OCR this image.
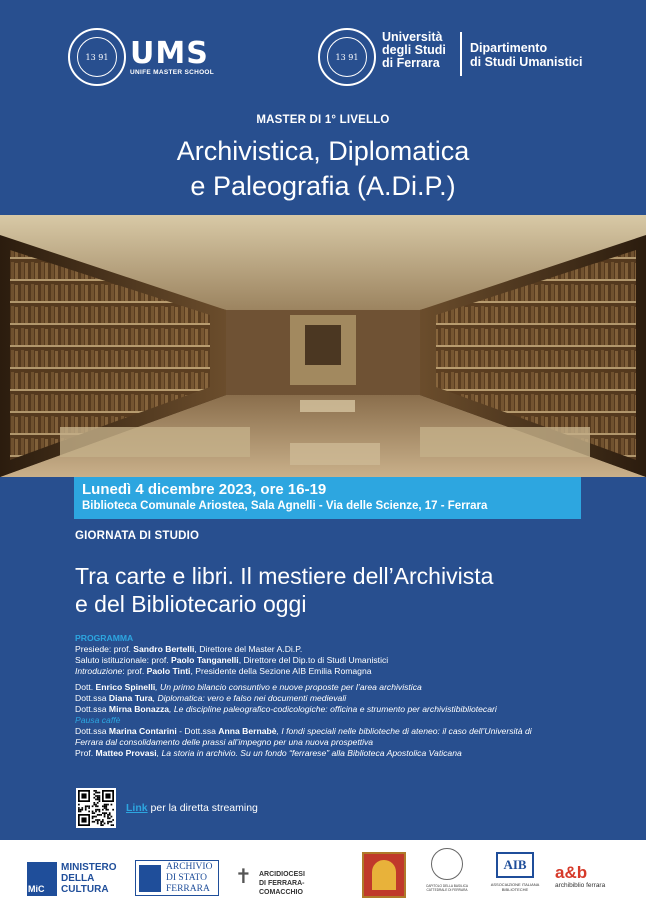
13 91 UMS
UNIFE MASTER SCHOOL
13 91
Università
degli Studi
di Ferrara
Dipartimento
di Studi Umanistici
MASTER DI 1° LIVELLO
Archivistica, Diplomatica
e Paleografia (A.Di.P.)
Lunedì 4 dicembre 2023, ore 16-19
Biblioteca Comunale Ariostea, Sala Agnelli - Via delle Scienze, 17 - Ferrara
GIORNATA DI STUDIO
Tra carte e libri. Il mestiere dell’Archivista
e del Bibliotecario oggi
PROGRAMMA
Presiede: prof. Sandro Bertelli, Direttore del Master A.Di.P.
Saluto istituzionale: prof. Paolo Tanganelli, Direttore del Dip.to di Studi Umanistici
Introduzione: prof. Paolo Tinti, Presidente della Sezione AIB Emilia Romagna
Dott. Enrico Spinelli, Un primo bilancio consuntivo e nuove proposte per l’area archivistica
Dott.ssa Diana Tura, Diplomatica: vero e falso nei documenti medievali
Dott.ssa Mirna Bonazza, Le discipline paleografico-codicologiche: officina e strumento per archivistibibliotecari
Pausa caffè
Dott.ssa Marina Contarini - Dott.ssa Anna Bernabè, I fondi speciali nelle biblioteche di ateneo: il caso dell’Università di
Ferrara dal consolidamento delle prassi all’impegno per una nuova prospettiva
Prof. Matteo Provasi, La storia in archivio. Su un fondo “ferrarese” alla Biblioteca Apostolica Vaticana
Link per la diretta streaming
MiC
MINISTERO
DELLA
CULTURA
ARCHIVIO
DI STATO
FERRARA
✝ ARCIDIOCESI
DI FERRARA-COMACCHIO
CAPITOLO DELLA BASILICA CATTEDRALE DI FERRARA
AIB
ASSOCIAZIONE ITALIANA BIBLIOTECHE
a&b
archibiblio ferrara
